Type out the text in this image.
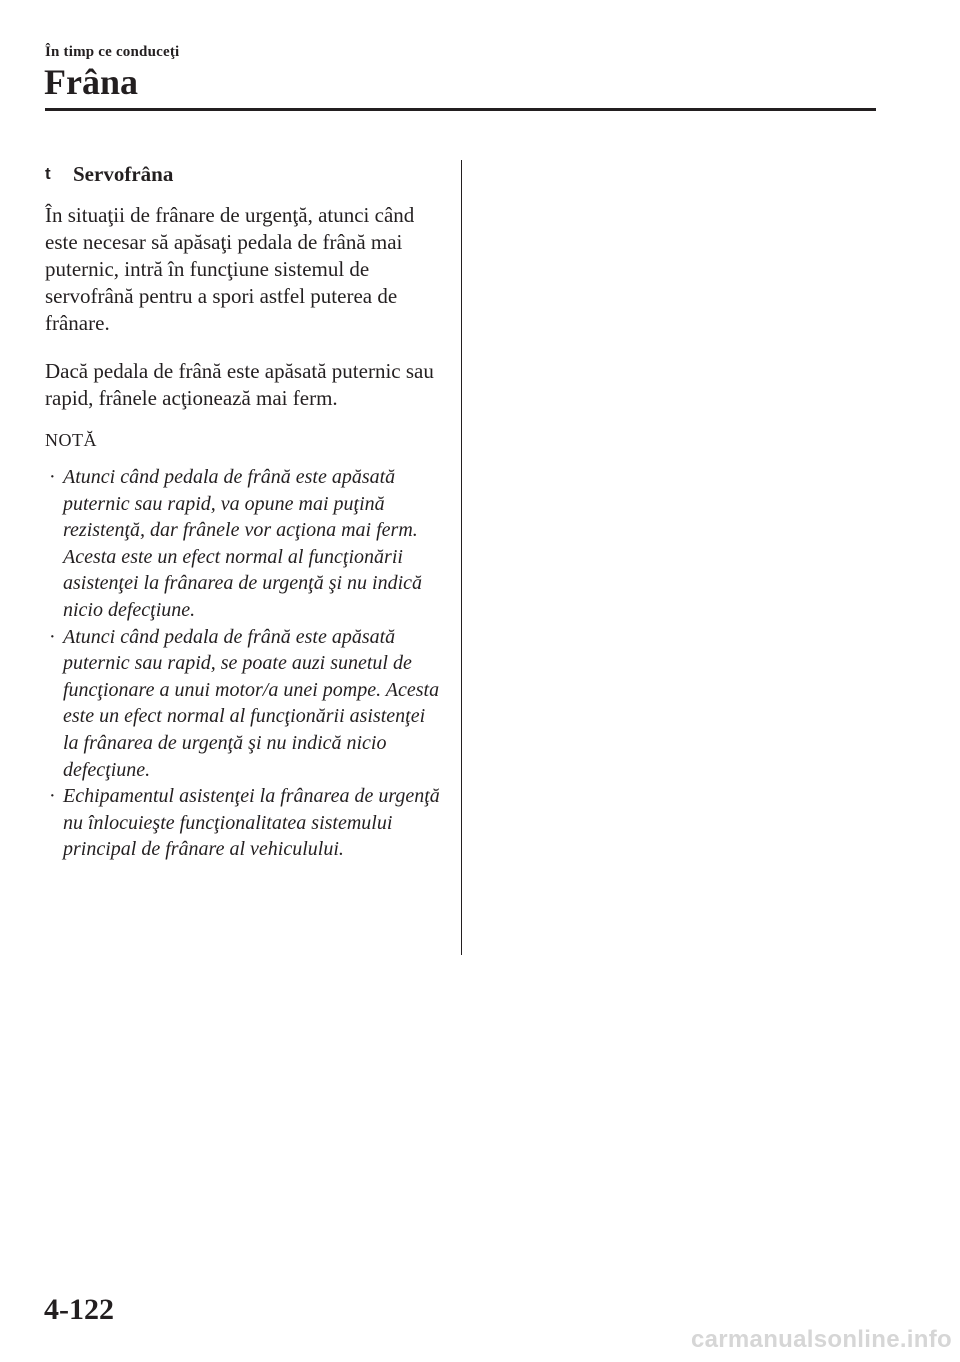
În timp ce conduceţi
Frâna
t	Servofrâna

În situaţii de frânare de urgenţă, atunci când este necesar să apăsaţi pedala de frână mai puternic, intră în funcţiune sistemul de servofrână pentru a spori astfel puterea de frânare.

Dacă pedala de frână este apăsată puternic sau rapid, frânele acţionează mai ferm.

NOTĂ
· Atunci când pedala de frână este apăsată puternic sau rapid, va opune mai puţină rezistenţă, dar frânele vor acţiona mai ferm. Acesta este un efect normal al funcţionării asistenţei la frânarea de urgenţă şi nu indică nicio defecţiune.
· Atunci când pedala de frână este apăsată puternic sau rapid, se poate auzi sunetul de funcţionare a unui motor/a unei pompe. Acesta este un efect normal al funcţionării asistenţei la frânarea de urgenţă şi nu indică nicio defecţiune.
· Echipamentul asistenţei la frânarea de urgenţă nu înlocuieşte funcţionalitatea sistemului principal de frânare al vehiculului.
4-122
carmanualsonline.info
